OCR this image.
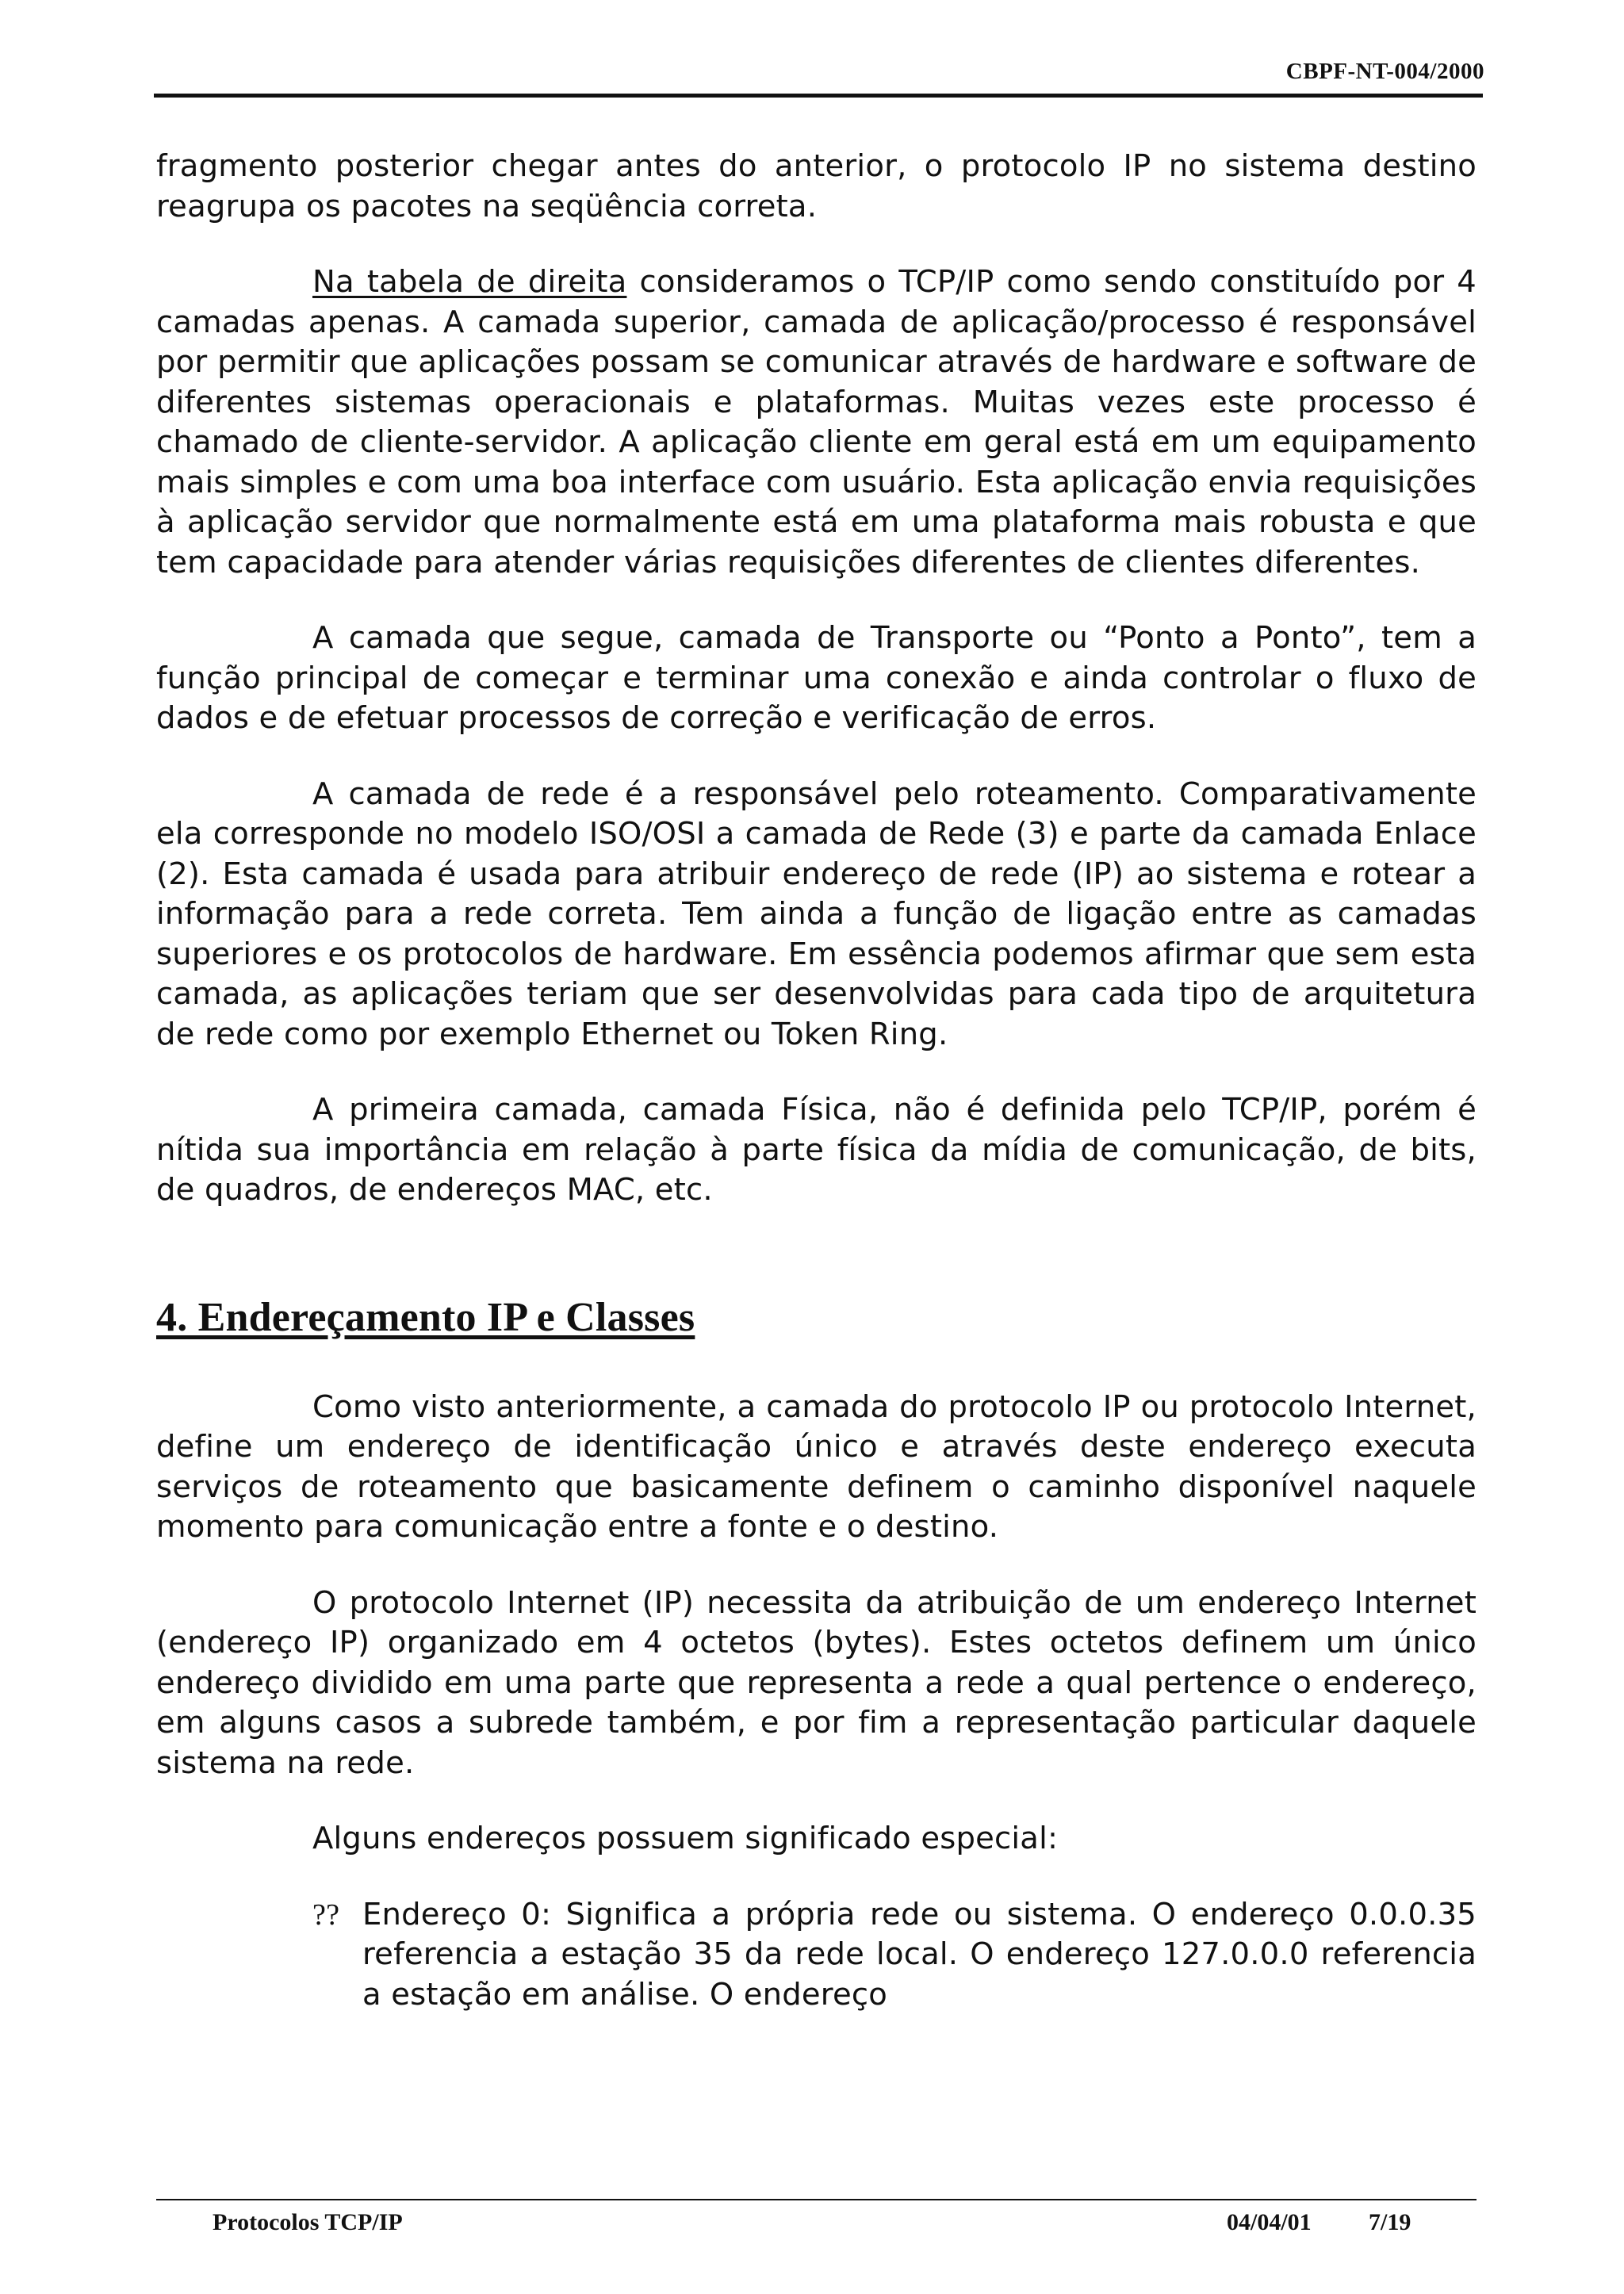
CBPF-NT-004/2000

fragmento posterior chegar antes do anterior, o protocolo IP no sistema destino reagrupa os pacotes na seqüência correta.

Na tabela de direita consideramos o TCP/IP como sendo constituído por 4 camadas apenas. A camada superior, camada de aplicação/processo é responsável por permitir que aplicações possam se comunicar através de hardware e software de diferentes sistemas operacionais e plataformas. Muitas vezes este processo é chamado de cliente-servidor. A aplicação cliente em geral está em um equipamento mais simples e com uma boa interface com usuário. Esta aplicação envia requisições à aplicação servidor que normalmente está em uma plataforma mais robusta e que tem capacidade para atender várias requisições diferentes de clientes diferentes.

A camada que segue, camada de Transporte ou “Ponto a Ponto”, tem a função principal de começar e terminar uma conexão e ainda controlar o fluxo de dados e de efetuar processos de correção e verificação de erros.

A camada de rede é a responsável pelo roteamento. Comparativamente ela corresponde no modelo ISO/OSI a camada de Rede (3) e parte da camada Enlace (2). Esta camada é usada para atribuir endereço de rede (IP) ao sistema e rotear a informação para a rede correta. Tem ainda a função de ligação entre as camadas superiores e os protocolos de hardware. Em essência podemos afirmar que sem esta camada, as aplicações teriam que ser desenvolvidas para cada tipo de arquitetura de rede como por exemplo Ethernet ou Token Ring.

A primeira camada, camada Física, não é definida pelo TCP/IP, porém é nítida sua importância em relação à parte física da mídia de comunicação, de bits, de quadros, de endereços MAC, etc.

4. Endereçamento IP e Classes

Como visto anteriormente, a camada do protocolo IP ou protocolo Internet, define um endereço de identificação único e através deste endereço executa serviços de roteamento que basicamente definem o caminho disponível naquele momento para comunicação entre a fonte e o destino.

O protocolo Internet (IP) necessita da atribuição de um endereço Internet (endereço IP) organizado em 4 octetos (bytes). Estes octetos definem um único endereço dividido em uma parte que representa a rede a qual pertence o endereço, em alguns casos a subrede também, e por fim a representação particular daquele sistema na rede.

Alguns endereços possuem significado especial:

?? Endereço 0: Significa a própria rede ou sistema. O endereço 0.0.0.35 referencia a estação 35 da rede local. O endereço 127.0.0.0 referencia a estação em análise. O endereço
Protocolos TCP/IP	04/04/01 7/19
